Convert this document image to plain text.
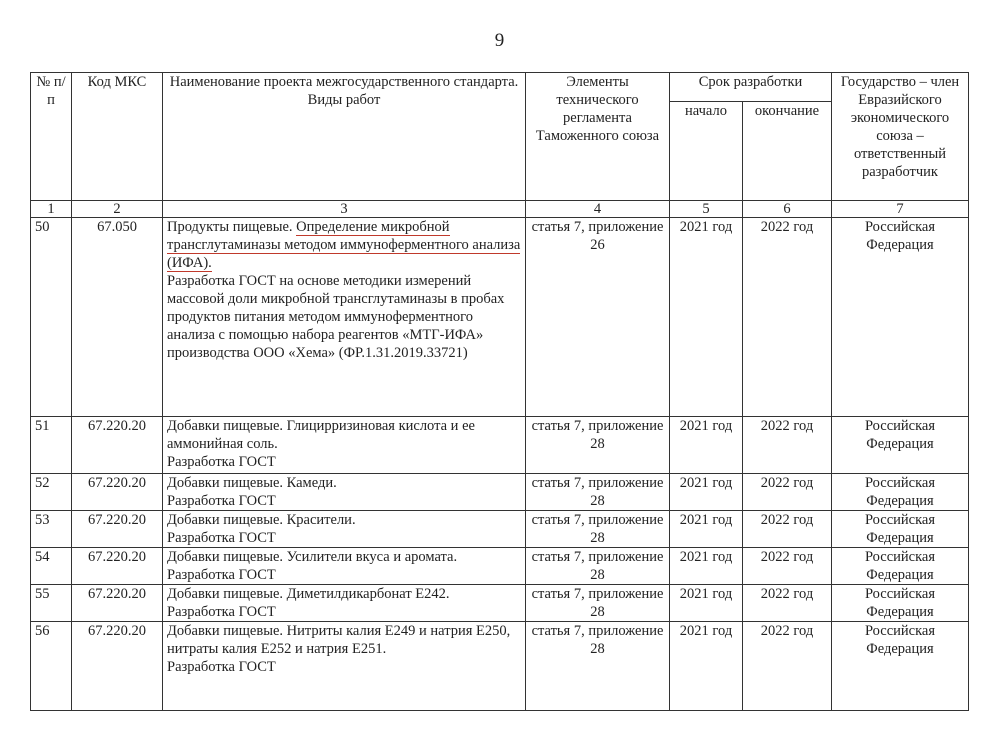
9
№ п/п	Код МКС	Наименование проекта межгосударственного стандарта. Виды работ	Элементы технического регламента Таможенного союза	Срок разработки		Государство – член Евразийского экономического союза – ответственный разработчик
				начало	окончание	
1	2	3	4	5	6	7
50	67.050	Продукты пищевые. Определение микробной трансглутаминазы методом иммуноферментного анализа (ИФА).
Разработка ГОСТ на основе методики измерений массовой доли микробной трансглутаминазы в пробах продуктов питания методом иммуноферментного анализа с помощью набора реагентов «МТГ-ИФА» производства ООО «Хема» (ФР.1.31.2019.33721)	статья 7, приложение 26	2021 год	2022 год	Российская Федерация
51	67.220.20	Добавки пищевые. Глицирризиновая кислота и ее аммонийная соль.
Разработка ГОСТ	статья 7, приложение 28	2021 год	2022 год	Российская Федерация
52	67.220.20	Добавки пищевые. Камеди.
Разработка ГОСТ	статья 7, приложение 28	2021 год	2022 год	Российская Федерация
53	67.220.20	Добавки пищевые. Красители.
Разработка ГОСТ	статья 7, приложение 28	2021 год	2022 год	Российская Федерация
54	67.220.20	Добавки пищевые. Усилители вкуса и аромата.
Разработка ГОСТ	статья 7, приложение 28	2021 год	2022 год	Российская Федерация
55	67.220.20	Добавки пищевые. Диметилдикарбонат Е242.
Разработка ГОСТ	статья 7, приложение 28	2021 год	2022 год	Российская Федерация
56	67.220.20	Добавки пищевые. Нитриты калия Е249 и натрия Е250, нитраты калия Е252 и натрия Е251.
Разработка ГОСТ	статья 7, приложение 28	2021 год	2022 год	Российская Федерация
